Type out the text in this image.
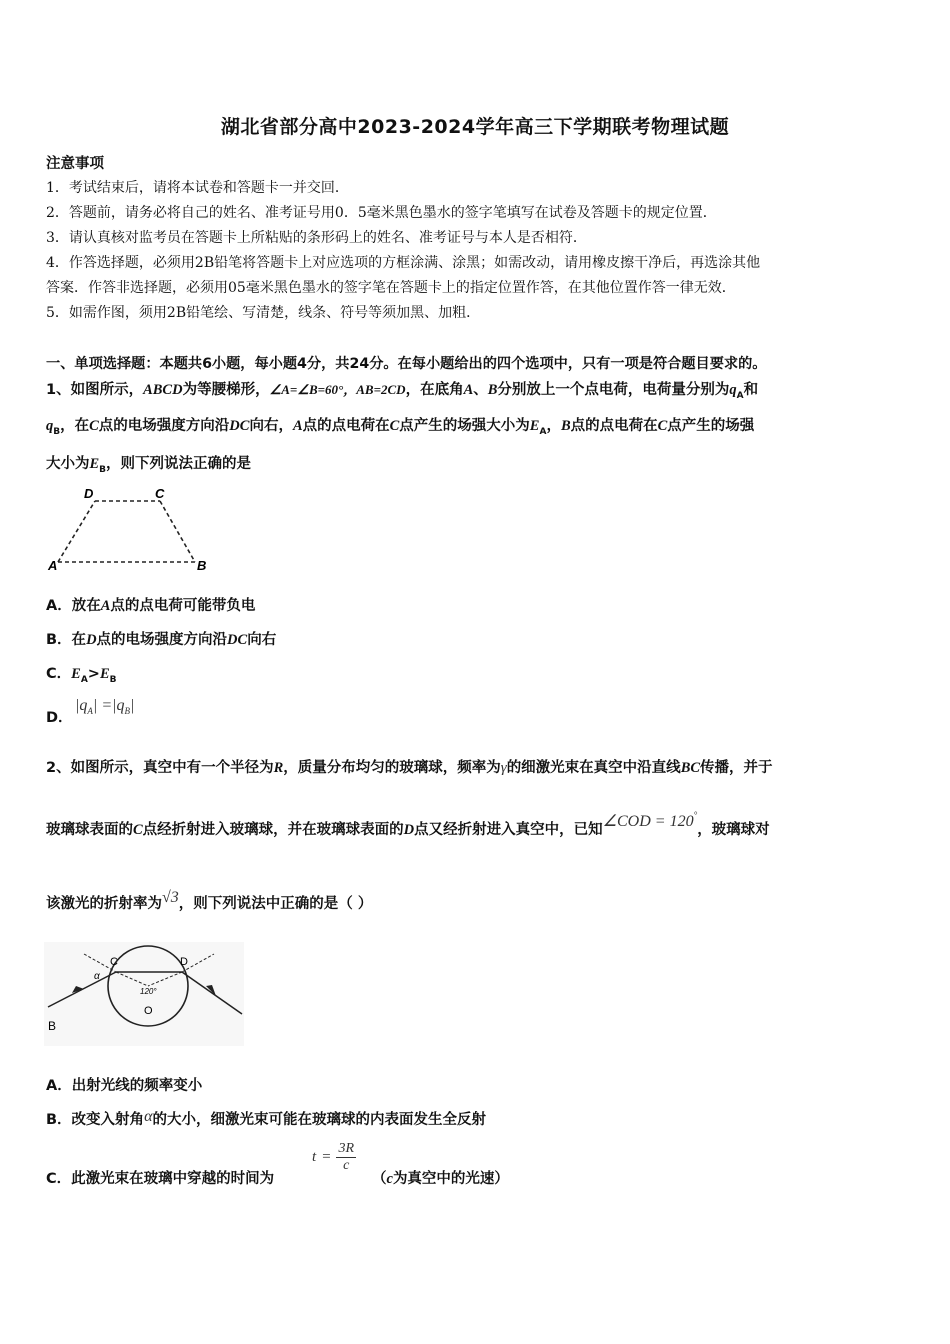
湖北省部分高中2023-2024学年高三下学期联考物理试题
注意事项
1．考试结束后，请将本试卷和答题卡一并交回．
2．答题前，请务必将自己的姓名、准考证号用0．5毫米黑色墨水的签字笔填写在试卷及答题卡的规定位置．
3．请认真核对监考员在答题卡上所粘贴的条形码上的姓名、准考证号与本人是否相符．
4．作答选择题，必须用2B铅笔将答题卡上对应选项的方框涂满、涂黑；如需改动，请用橡皮擦干净后，再选涂其他
答案．作答非选择题，必须用05毫米黑色墨水的签字笔在答题卡上的指定位置作答，在其他位置作答一律无效．
5．如需作图，须用2B铅笔绘、写清楚，线条、符号等须加黑、加粗．
一、单项选择题：本题共6小题，每小题4分，共24分。在每小题给出的四个选项中，只有一项是符合题目要求的。
1、如图所示，ABCD为等腰梯形，∠A=∠B=60°，AB=2CD，在底角A、B分别放上一个点电荷，电荷量分别为$q_A$和
$q_B$，在C点的电场强度方向沿DC向右，A点的点电荷在C点产生的场强大小为$E_A$，B点的点电荷在C点产生的场强
大小为$E_B$，则下列说法正确的是
D	C
A	B
A．放在A点的点电荷可能带负电
B．在D点的电场强度方向沿DC向右
C．$E_A>E_B$
D．
$|q_A| =|q_B|$
2、如图所示，真空中有一个半径为R，质量分布均匀的玻璃球，频率为γ的细激光束在真空中沿直线BC传播，并于
玻璃球表面的C点经折射进入玻璃球，并在玻璃球表面的D点又经折射进入真空中，已知∠COD = 120°，玻璃球对
该激光的折射率为√3，则下列说法中正确的是（ ）
C	D
B
O
α
120°
A．出射光线的频率变小
B．改变入射角α的大小，细激光束可能在玻璃球的内表面发生全反射
C．此激光束在玻璃中穿越的时间为
$t = \frac{3R}{c}$
（c为真空中的光速）
